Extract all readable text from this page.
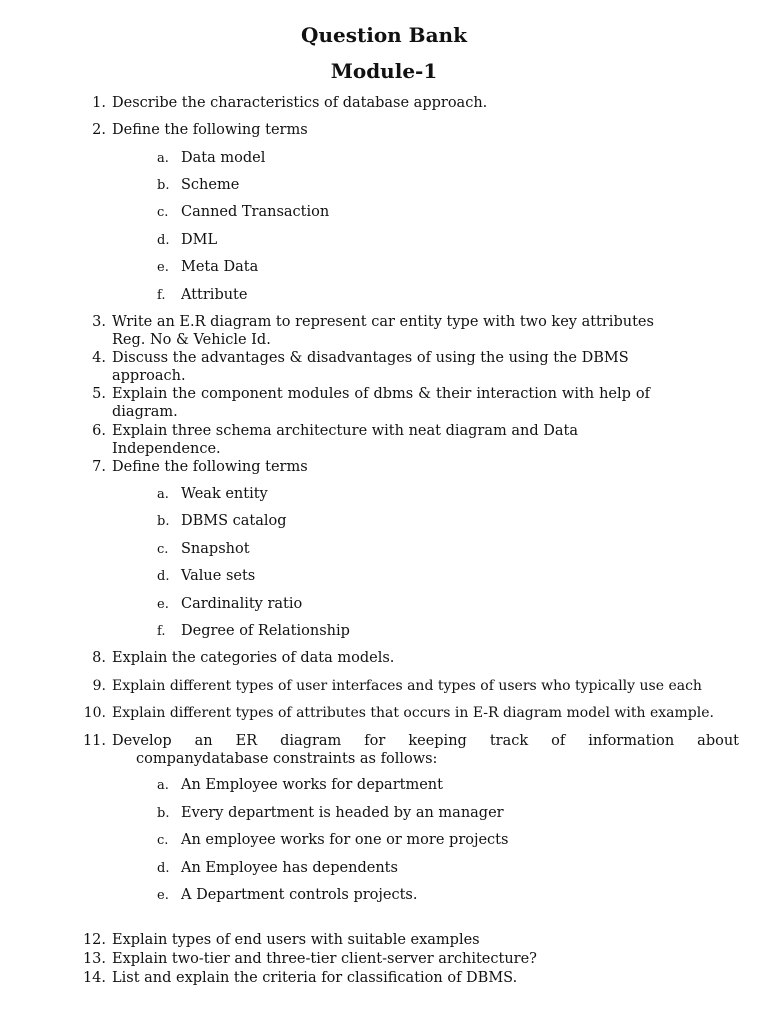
Question Bank
Module-1
1. Describe the characteristics of database approach.
2. Define the following terms
a. Data model
b. Scheme
c. Canned Transaction
d. DML
e. Meta Data
f.	Attribute
3. Write an E.R diagram to represent car entity type with two key attributes
Reg. No & Vehicle Id.
4. Discuss the advantages & disadvantages of using the using the DBMS
approach.
5. Explain the component modules of dbms & their interaction with help of
diagram.
6. Explain three schema architecture with neat diagram and Data
Independence.
7. Define the following terms
a. Weak entity
b. DBMS catalog
c. Snapshot
d. Value sets
e. Cardinality ratio
f.	Degree of Relationship
8. Explain the categories of data models.
9. Explain different types of user interfaces and types of users who typically use each
10. Explain different types of attributes that occurs in E-R diagram model with example.
11. Develop an ER diagram for keeping track of information about
companydatabase constraints as follows:
a. An Employee works for department
b. Every department is headed by an manager
c. An employee works for one or more projects
d. An Employee has dependents
e. A Department controls projects.
12. Explain types of end users with suitable examples
13. Explain two-tier and three-tier client-server architecture?
14. List and explain the criteria for classification of DBMS.
